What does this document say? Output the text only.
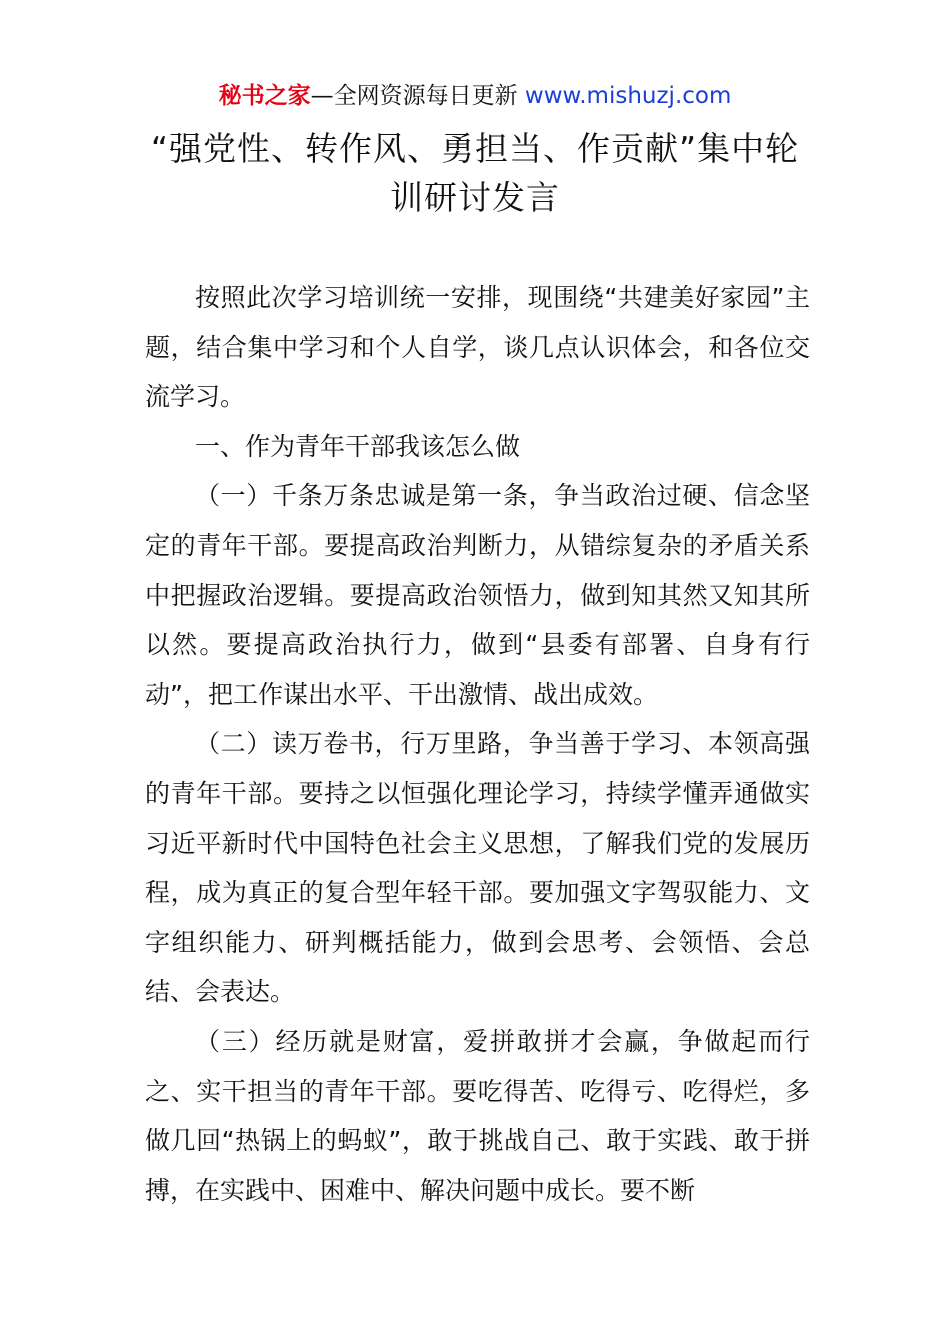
秘书之家—全网资源每日更新 www.mishuzj.com
“强党性、转作风、勇担当、作贡献”集中轮
训研讨发言

按照此次学习培训统一安排，现围绕“共建美好家园”主题，结合集中学习和个人自学，谈几点认识体会，和各位交流学习。

一、作为青年干部我该怎么做

（一）千条万条忠诚是第一条，争当政治过硬、信念坚定的青年干部。要提高政治判断力，从错综复杂的矛盾关系中把握政治逻辑。要提高政治领悟力，做到知其然又知其所以然。要提高政治执行力，做到“县委有部署、自身有行动”，把工作谋出水平、干出激情、战出成效。

（二）读万卷书，行万里路，争当善于学习、本领高强的青年干部。要持之以恒强化理论学习，持续学懂弄通做实习近平新时代中国特色社会主义思想，了解我们党的发展历程，成为真正的复合型年轻干部。要加强文字驾驭能力、文字组织能力、研判概括能力，做到会思考、会领悟、会总结、会表达。

（三）经历就是财富，爱拼敢拼才会赢，争做起而行之、实干担当的青年干部。要吃得苦、吃得亏、吃得烂，多做几回“热锅上的蚂蚁”，敢于挑战自己、敢于实践、敢于拼搏，在实践中、困难中、解决问题中成长。要不断
